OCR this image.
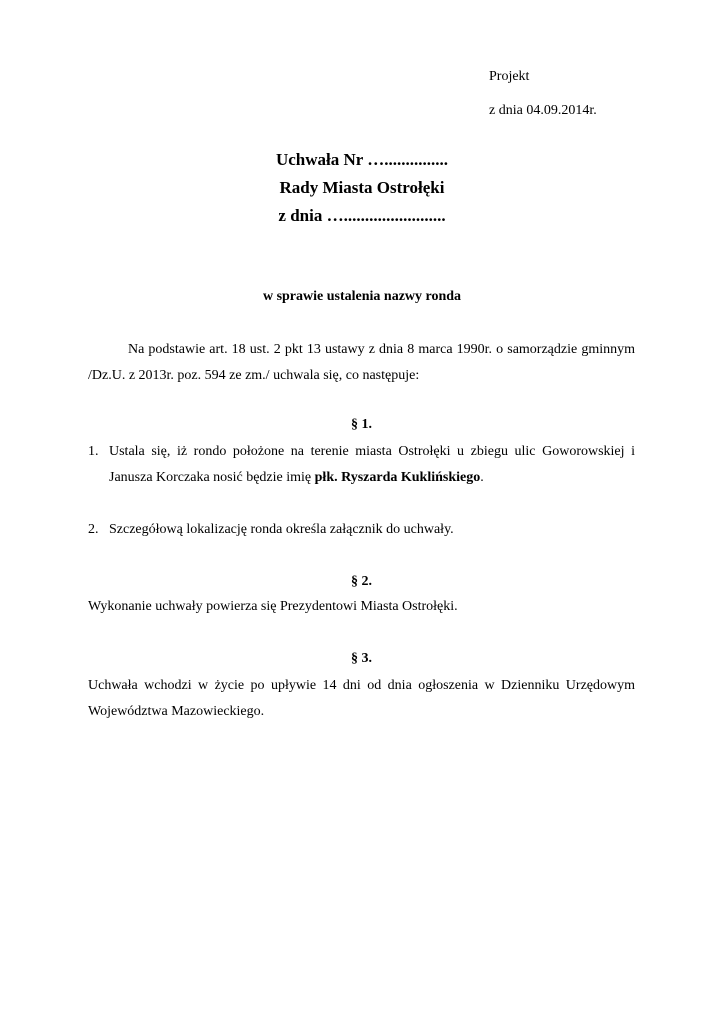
Projekt
z dnia 04.09.2014r.
Uchwała Nr …...............
Rady Miasta Ostrołęki
z dnia …........................
w sprawie ustalenia nazwy ronda
Na podstawie art. 18 ust. 2 pkt 13 ustawy z dnia 8 marca 1990r. o samorządzie gminnym /Dz.U. z 2013r. poz. 594 ze zm./ uchwala się, co następuje:
§ 1.
1. Ustala się, iż rondo położone na terenie miasta Ostrołęki u zbiegu ulic Goworowskiej i Janusza Korczaka nosić będzie imię płk. Ryszarda Kuklińskiego.
2. Szczegółową lokalizację ronda określa załącznik do uchwały.
§ 2.
Wykonanie uchwały powierza się Prezydentowi Miasta Ostrołęki.
§ 3.
Uchwała wchodzi w życie po upływie 14 dni od dnia ogłoszenia w Dzienniku Urzędowym Województwa Mazowieckiego.
